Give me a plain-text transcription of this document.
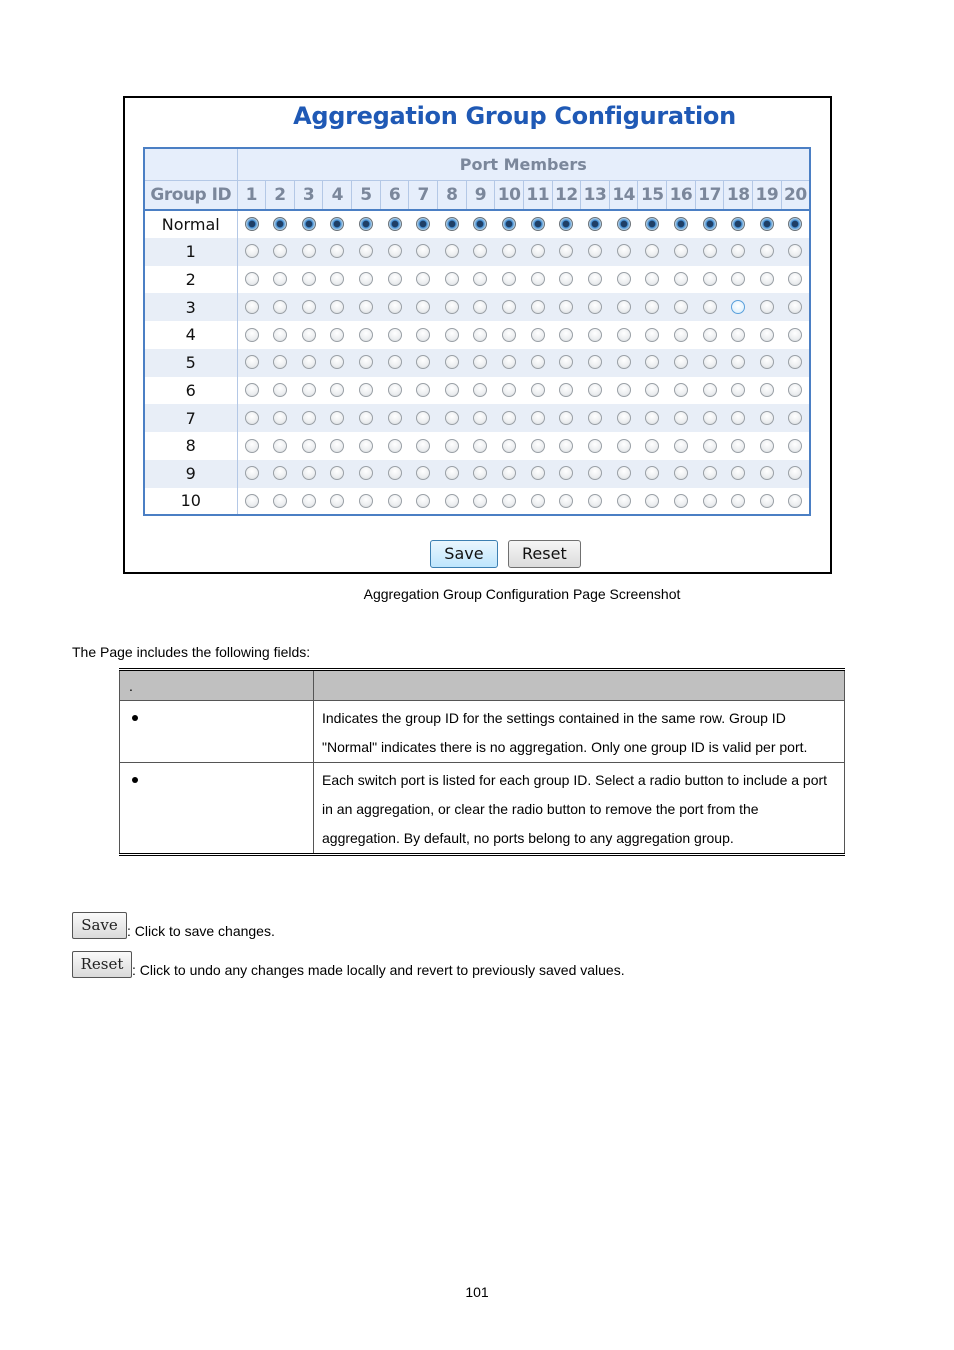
Aggregation Group Configuration
	Port Members																			
Group ID	1	2	3	4	5	6	7	8	9	10	11	12	13	14	15	16	17	18	19	20
Normal																				
1																				
2																				
3																				
4																				
5																				
6																				
7																				
8																				
9																				
10																				
Save Reset
Aggregation Group Configuration Page Screenshot
The Page includes the following fields:
.	

	Indicates the group ID for the settings contained in the same row. Group ID
"Normal" indicates there is no aggregation. Only one group ID is valid per port.

	Each switch port is listed for each group ID. Select a radio button to include a port
in an aggregation, or clear the radio button to remove the port from the
aggregation. By default, no ports belong to any aggregation group.
Save : Click to save changes.
Reset : Click to undo any changes made locally and revert to previously saved values.
101
